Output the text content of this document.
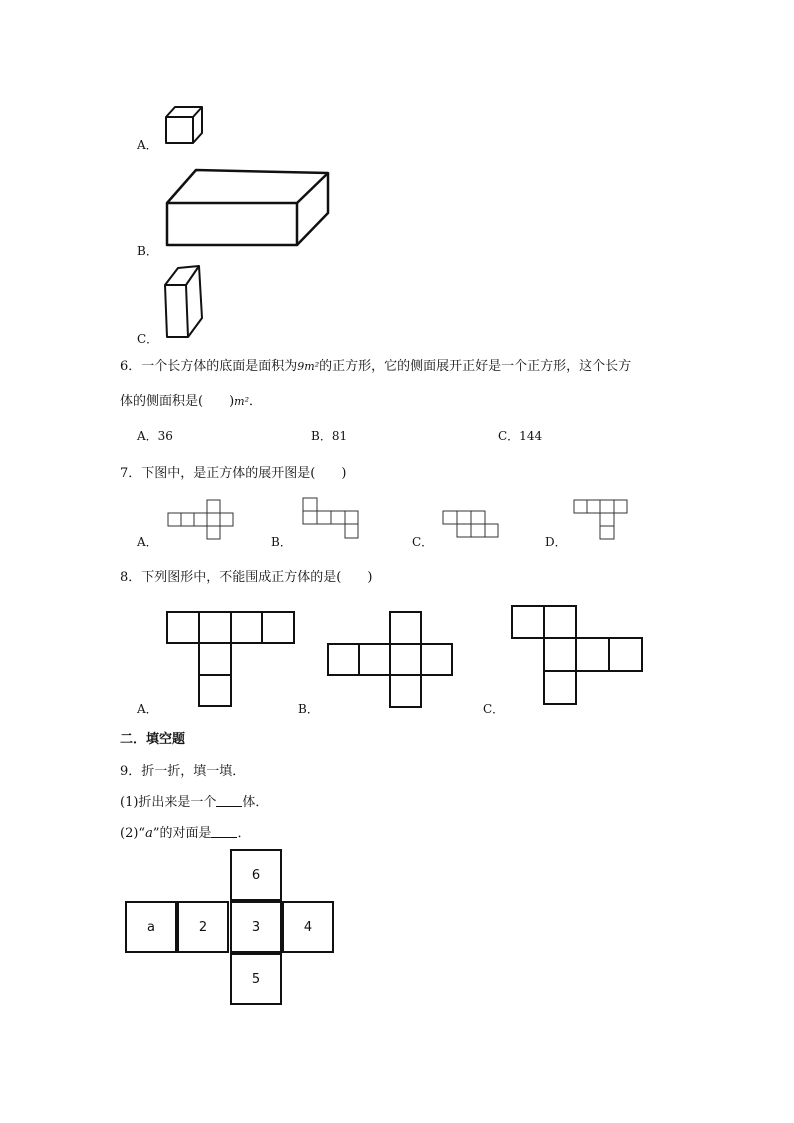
A．
B．
C．
6．一个长方体的底面是面积为9m²的正方形，它的侧面展开正好是一个正方形，这个长方
体的侧面积是(　　)m²．
A．36	B．81	C．144
7．下图中，是正方体的展开图是(　　)
A．	B．	C．	D．
8．下列图形中，不能围成正方体的是(　　)
A．	B．	C．
二．填空题
9．折一折，填一填．
(1)折出来是一个 体．
(2)“a”的对面是 ．
6
a	2	3	4
5
